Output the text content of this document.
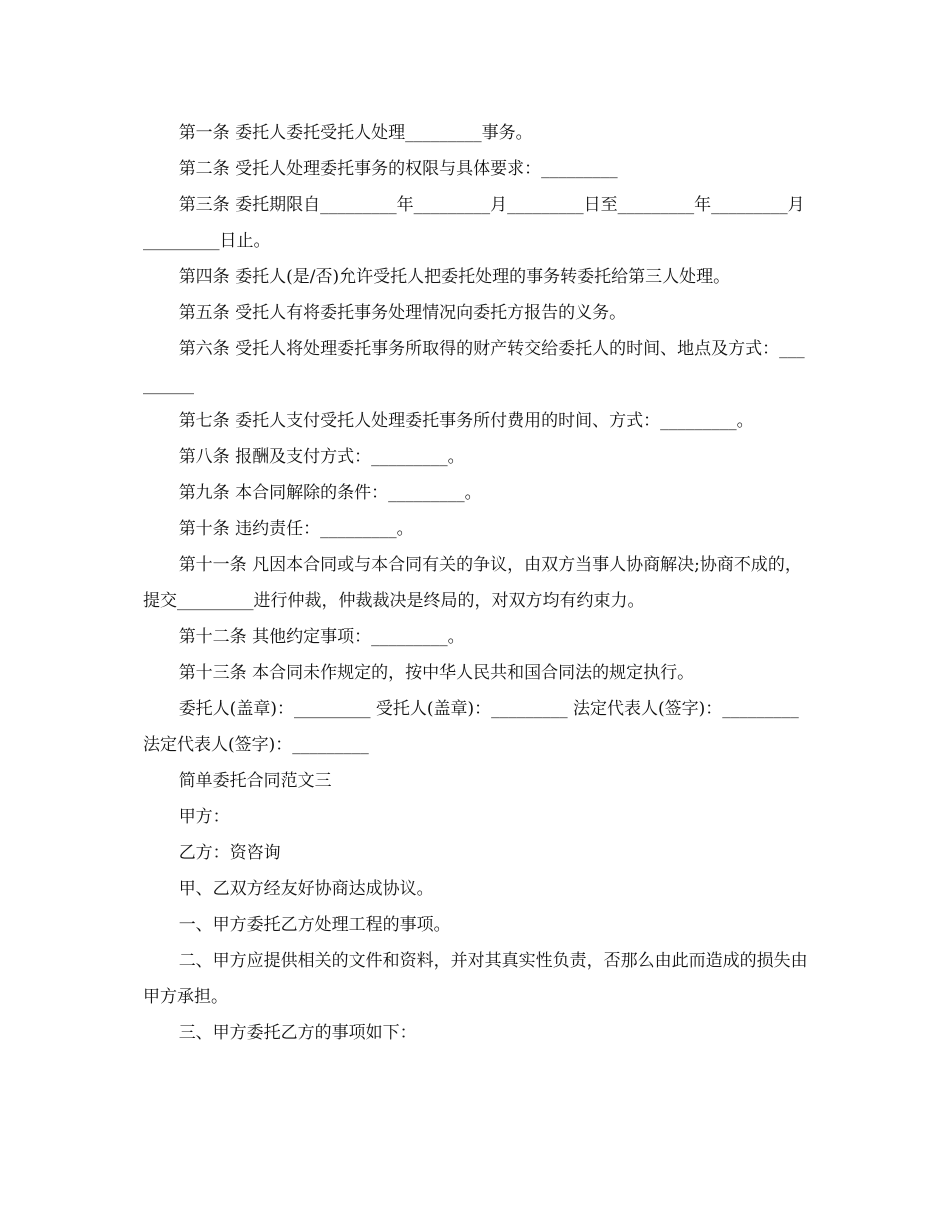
第一条 委托人委托受托人处理_________事务。

第二条 受托人处理委托事务的权限与具体要求：_________

第三条 委托期限自_________年_________月_________日至_________年_________月_________日止。

第四条 委托人(是/否)允许受托人把委托处理的事务转委托给第三人处理。

第五条 受托人有将委托事务处理情况向委托方报告的义务。

第六条 受托人将处理委托事务所取得的财产转交给委托人的时间、地点及方式：_________

第七条 委托人支付受托人处理委托事务所付费用的时间、方式：_________。

第八条 报酬及支付方式：_________。

第九条 本合同解除的条件：_________。

第十条 违约责任：_________。

第十一条 凡因本合同或与本合同有关的争议，由双方当事人协商解决;协商不成的，提交_________进行仲裁，仲裁裁决是终局的，对双方均有约束力。

第十二条 其他约定事项：_________。

第十三条 本合同未作规定的，按中华人民共和国合同法的规定执行。

委托人(盖章)：_________ 受托人(盖章)：_________ 法定代表人(签字)：_________ 法定代表人(签字)：_________

简单委托合同范文三

甲方：

乙方：资咨询

甲、乙双方经友好协商达成协议。

一、甲方委托乙方处理工程的事项。

二、甲方应提供相关的文件和资料，并对其真实性负责，否那么由此而造成的损失由 甲方承担。

三、甲方委托乙方的事项如下：
